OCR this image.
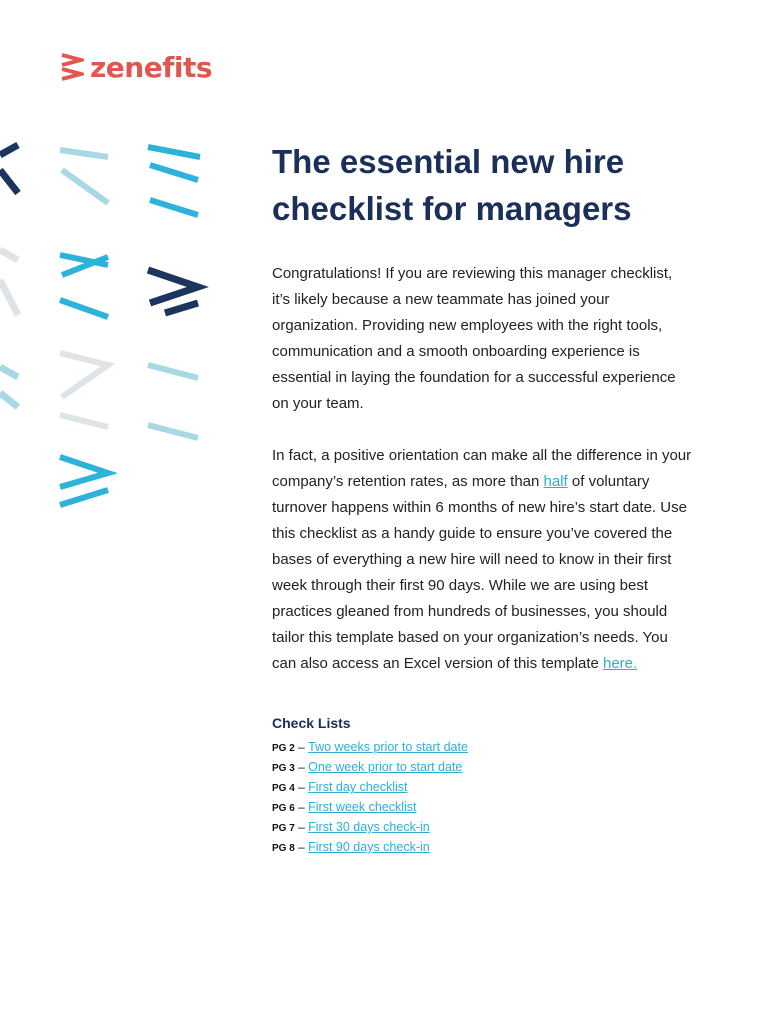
zenefits
The essential new hire checklist for managers

Congratulations! If you are reviewing this manager checklist, it’s likely because a new teammate has joined your organization. Providing new employees with the right tools, communication and a smooth onboarding experience is essential in laying the foundation for a successful experience on your team.

In fact, a positive orientation can make all the difference in your company’s retention rates, as more than half of voluntary turnover happens within 6 months of new hire’s start date. Use this checklist as a handy guide to ensure you’ve covered the bases of everything a new hire will need to know in their first week through their first 90 days. While we are using best practices gleaned from hundreds of businesses, you should tailor this template based on your organization’s needs. You can also access an Excel version of this template here.

Check Lists
PG 2 – Two weeks prior to start date
PG 3 – One week prior to start date
PG 4 – First day checklist
PG 6 – First week checklist
PG 7 – First 30 days check-in
PG 8 – First 90 days check-in
